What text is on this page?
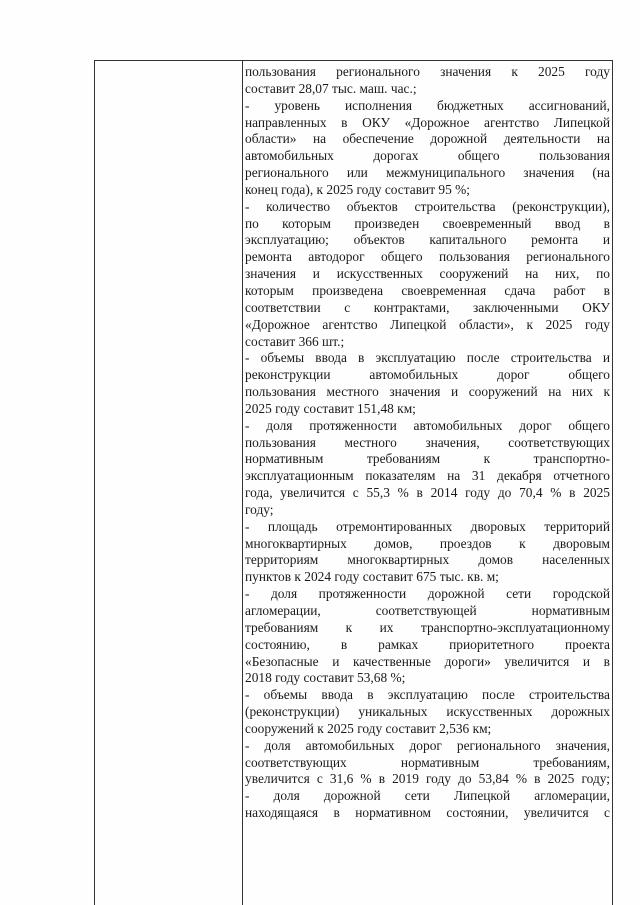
пользования регионального значения к 2025 году
составит 28,07 тыс. маш. час.;
- уровень исполнения бюджетных ассигнований,
направленных в ОКУ «Дорожное агентство Липецкой
области» на обеспечение дорожной деятельности на
автомобильных дорогах общего пользования
регионального или межмуниципального значения (на
конец года), к 2025 году составит 95 %;
- количество объектов строительства (реконструкции),
по которым произведен своевременный ввод в
эксплуатацию; объектов капитального ремонта и
ремонта автодорог общего пользования регионального
значения и искусственных сооружений на них, по
которым произведена своевременная сдача работ в
соответствии с контрактами, заключенными ОКУ
«Дорожное агентство Липецкой области», к 2025 году
составит 366 шт.;
- объемы ввода в эксплуатацию после строительства и
реконструкции автомобильных дорог общего
пользования местного значения и сооружений на них к
2025 году составит 151,48 км;
- доля протяженности автомобильных дорог общего
пользования местного значения, соответствующих
нормативным требованиям к транспортно-
эксплуатационным показателям на 31 декабря отчетного
года, увеличится с 55,3 % в 2014 году до 70,4 % в 2025
году;
- площадь отремонтированных дворовых территорий
многоквартирных домов, проездов к дворовым
территориям многоквартирных домов населенных
пунктов к 2024 году составит 675 тыс. кв. м;
- доля протяженности дорожной сети городской
агломерации, соответствующей нормативным
требованиям к их транспортно-эксплуатационному
состоянию, в рамках приоритетного проекта
«Безопасные и качественные дороги» увеличится и в
2018 году составит 53,68 %;
- объемы ввода в эксплуатацию после строительства
(реконструкции) уникальных искусственных дорожных
сооружений к 2025 году составит 2,536 км;
- доля автомобильных дорог регионального значения,
соответствующих нормативным требованиям,
увеличится с 31,6 % в 2019 году до 53,84 % в 2025 году;
- доля дорожной сети Липецкой агломерации,
находящаяся в нормативном состоянии, увеличится с
